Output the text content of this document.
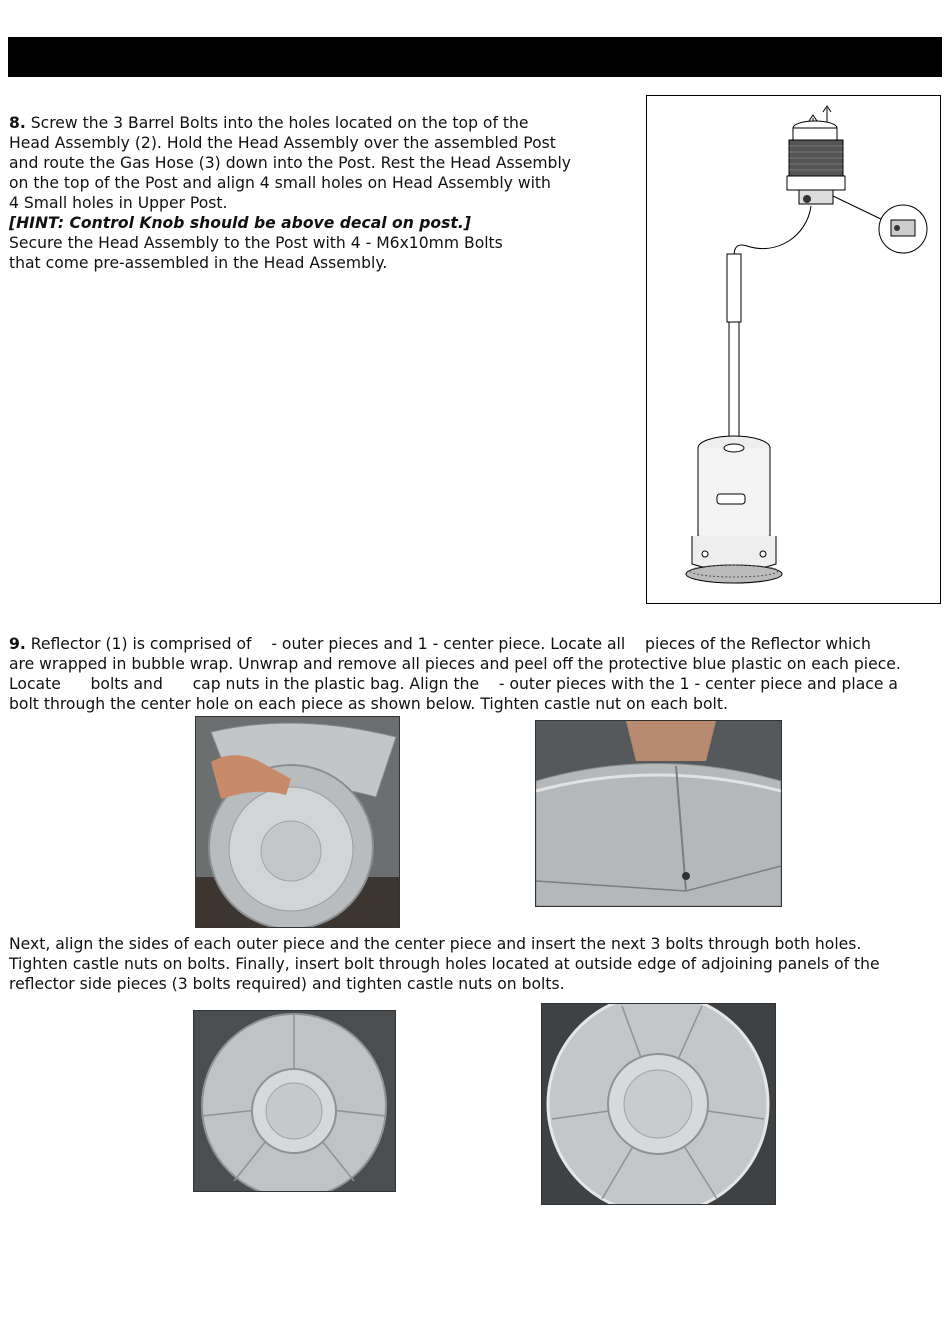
8. Screw the 3 Barrel Bolts into the holes located on the top of the
Head Assembly (2). Hold the Head Assembly over the assembled Post
and route the Gas Hose (3) down into the Post. Rest the Head Assembly
on the top of the Post and align 4 small holes on Head Assembly with
4 Small holes in Upper Post.
[HINT: Control Knob should be above decal on post.]
Secure the Head Assembly to the Post with 4 - M6x10mm Bolts
that come pre-assembled in the Head Assembly.
9. Reflector (1) is comprised of    - outer pieces and 1 - center piece. Locate all    pieces of the Reflector which
are wrapped in bubble wrap. Unwrap and remove all pieces and peel off the protective blue plastic on each piece.
Locate      bolts and      cap nuts in the plastic bag. Align the    - outer pieces with the 1 - center piece and place a
bolt through the center hole on each piece as shown below. Tighten castle nut on each bolt.
Next, align the sides of each outer piece and the center piece and insert the next 3 bolts through both holes.
Tighten castle nuts on bolts. Finally, insert bolt through holes located at outside edge of adjoining panels of the
reflector side pieces (3 bolts required) and tighten castle nuts on bolts.
